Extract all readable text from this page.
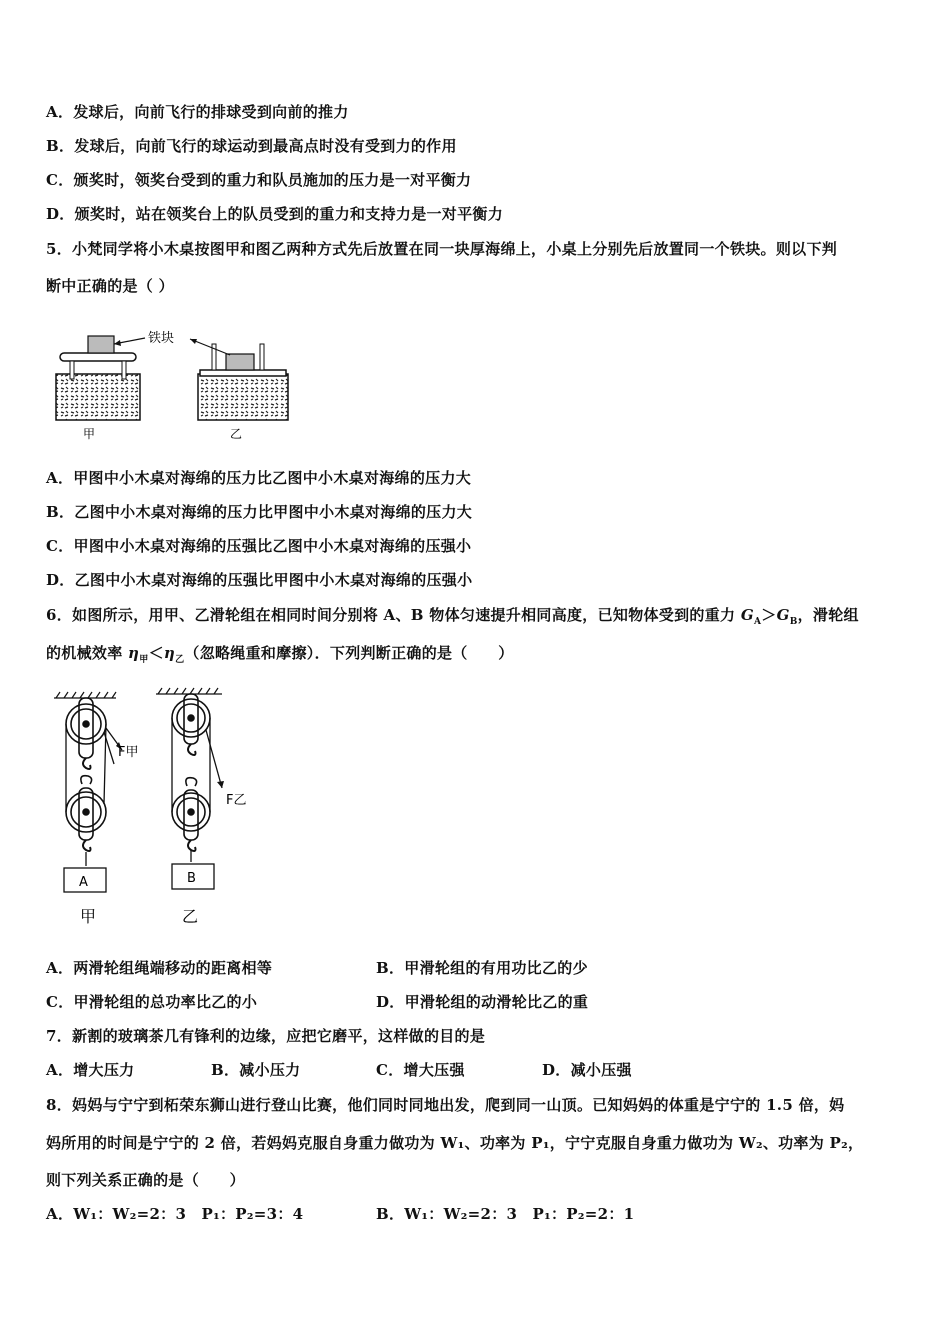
A．发球后，向前飞行的排球受到向前的推力
B．发球后，向前飞行的球运动到最高点时没有受到力的作用
C．颁奖时，领奖台受到的重力和队员施加的压力是一对平衡力
D．颁奖时，站在领奖台上的队员受到的重力和支持力是一对平衡力
5．小梵同学将小木桌按图甲和图乙两种方式先后放置在同一块厚海绵上，小桌上分别先后放置同一个铁块。则以下判
断中正确的是（ ）
铁块
甲	乙
A．甲图中小木桌对海绵的压力比乙图中小木桌对海绵的压力大
B．乙图中小木桌对海绵的压力比甲图中小木桌对海绵的压力大
C．甲图中小木桌对海绵的压强比乙图中小木桌对海绵的压强小
D．乙图中小木桌对海绵的压强比甲图中小木桌对海绵的压强小
6．如图所示，用甲、乙滑轮组在相同时间分别将 A、B 物体匀速提升相同高度，已知物体受到的重力 $G_A>G_B$，滑轮组
的机械效率 $\eta_甲<\eta_乙$（忽略绳重和摩擦）．下列判断正确的是（　　）
A
F甲
甲
B
F乙
乙
A．两滑轮组绳端移动的距离相等	B．甲滑轮组的有用功比乙的少
C．甲滑轮组的总功率比乙的小	D．甲滑轮组的动滑轮比乙的重
7．新割的玻璃茶几有锋利的边缘，应把它磨平，这样做的目的是
A．增大压力	B．减小压力	C．增大压强	D．减小压强
8．妈妈与宁宁到柘荣东狮山进行登山比赛，他们同时同地出发，爬到同一山顶。已知妈妈的体重是宁宁的 1.5 倍，妈
妈所用的时间是宁宁的 2 倍，若妈妈克服自身重力做功为 W₁、功率为 P₁，宁宁克服自身重力做功为 W₂、功率为 P₂，
则下列关系正确的是（　　）
A．W₁：W₂=2：3　P₁：P₂=3：4	B．W₁：W₂=2：3　P₁：P₂=2：1
